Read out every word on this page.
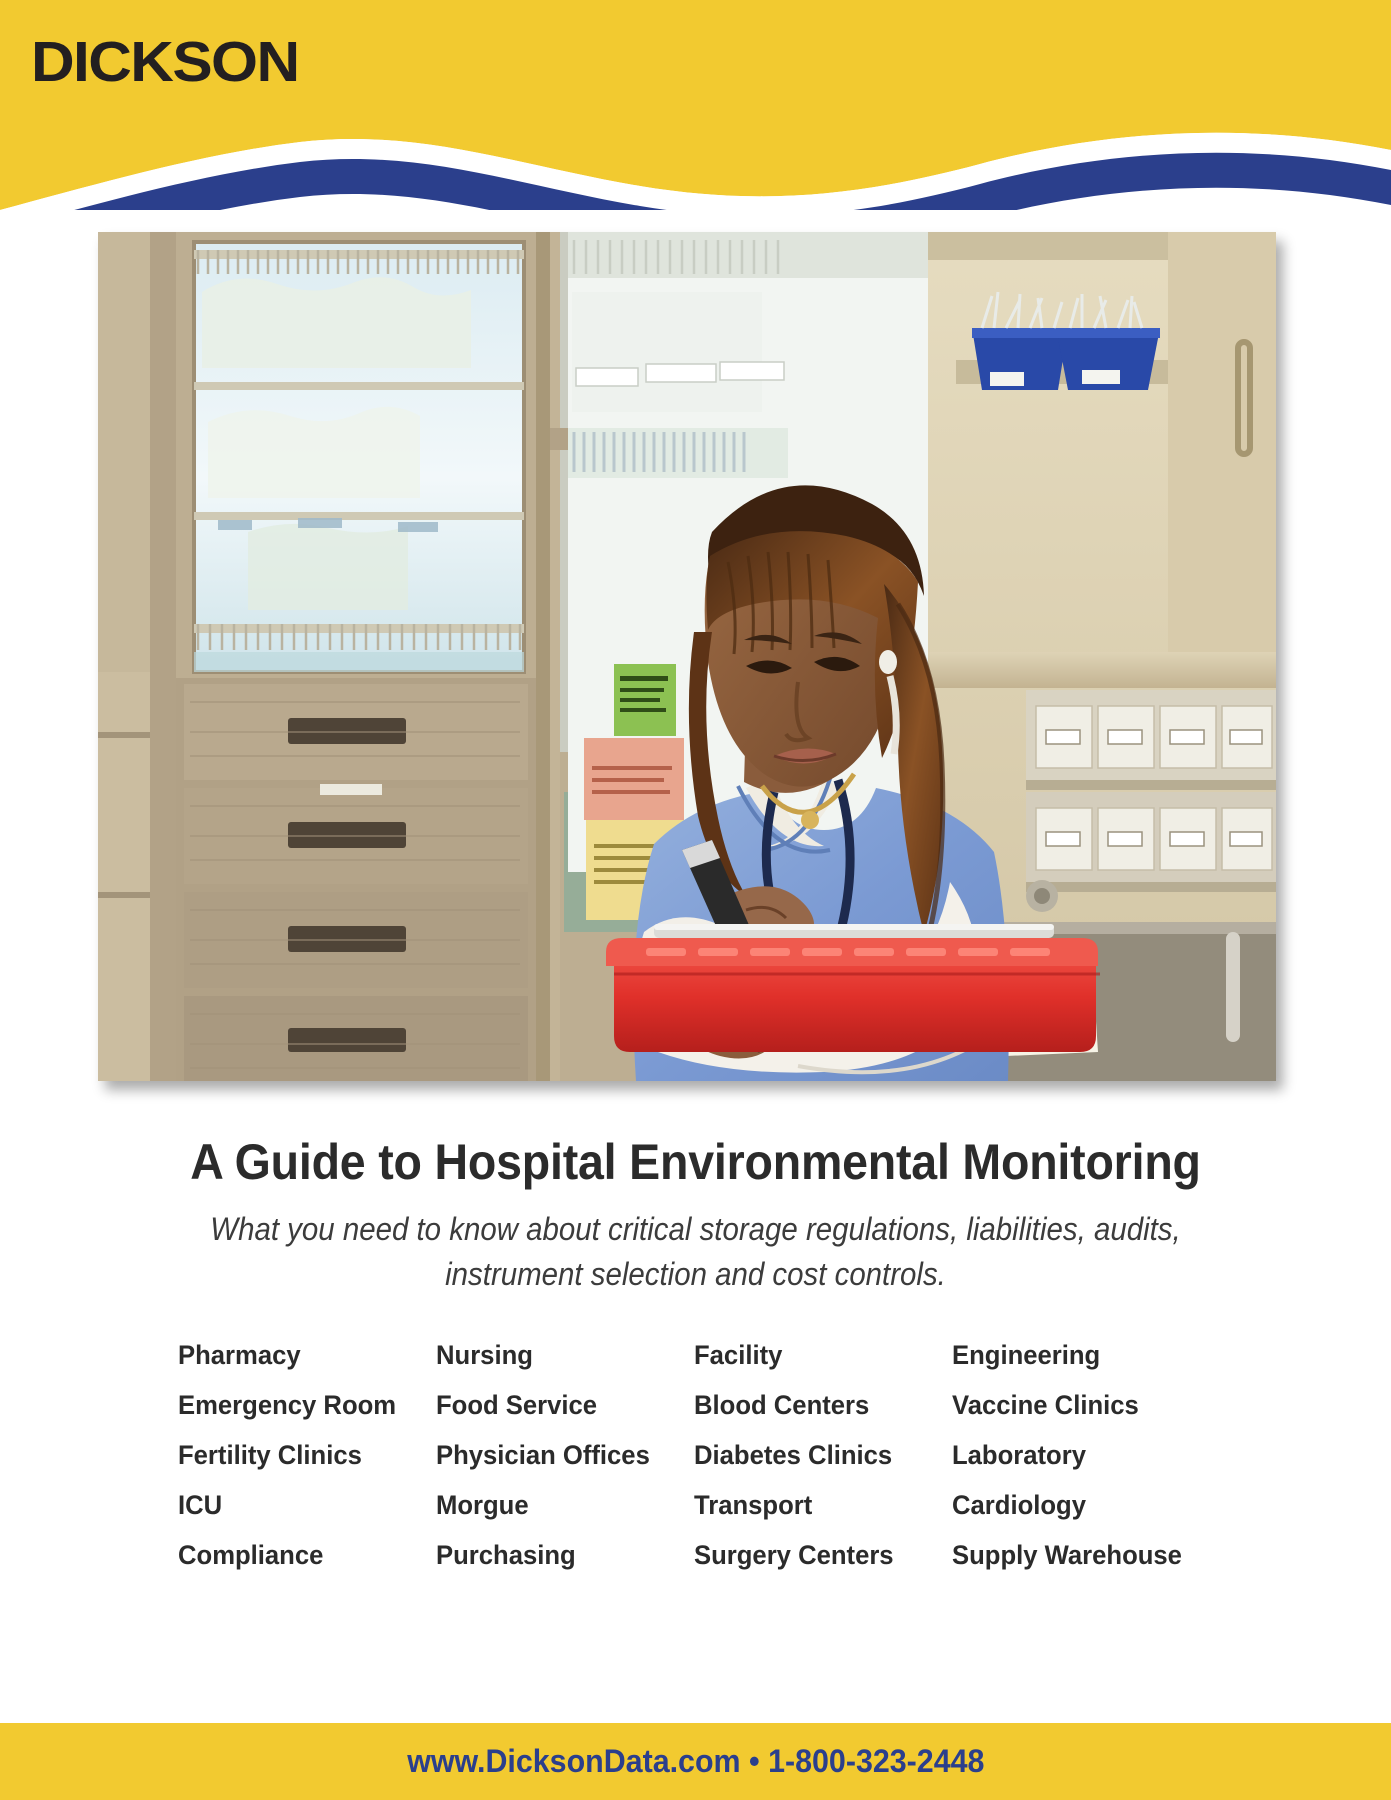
DICKSON
A Guide to Hospital Environmental Monitoring

What you need to know about critical storage regulations, liabilities, audits,
instrument selection and cost controls.

Pharmacy	Nursing	Facility	Engineering
Emergency Room	Food Service	Blood Centers	Vaccine Clinics
Fertility Clinics	Physician Offices	Diabetes Clinics	Laboratory
ICU	Morgue	Transport	Cardiology
Compliance	Purchasing	Surgery Centers	Supply Warehouse
www.DicksonData.com • 1-800-323-2448
